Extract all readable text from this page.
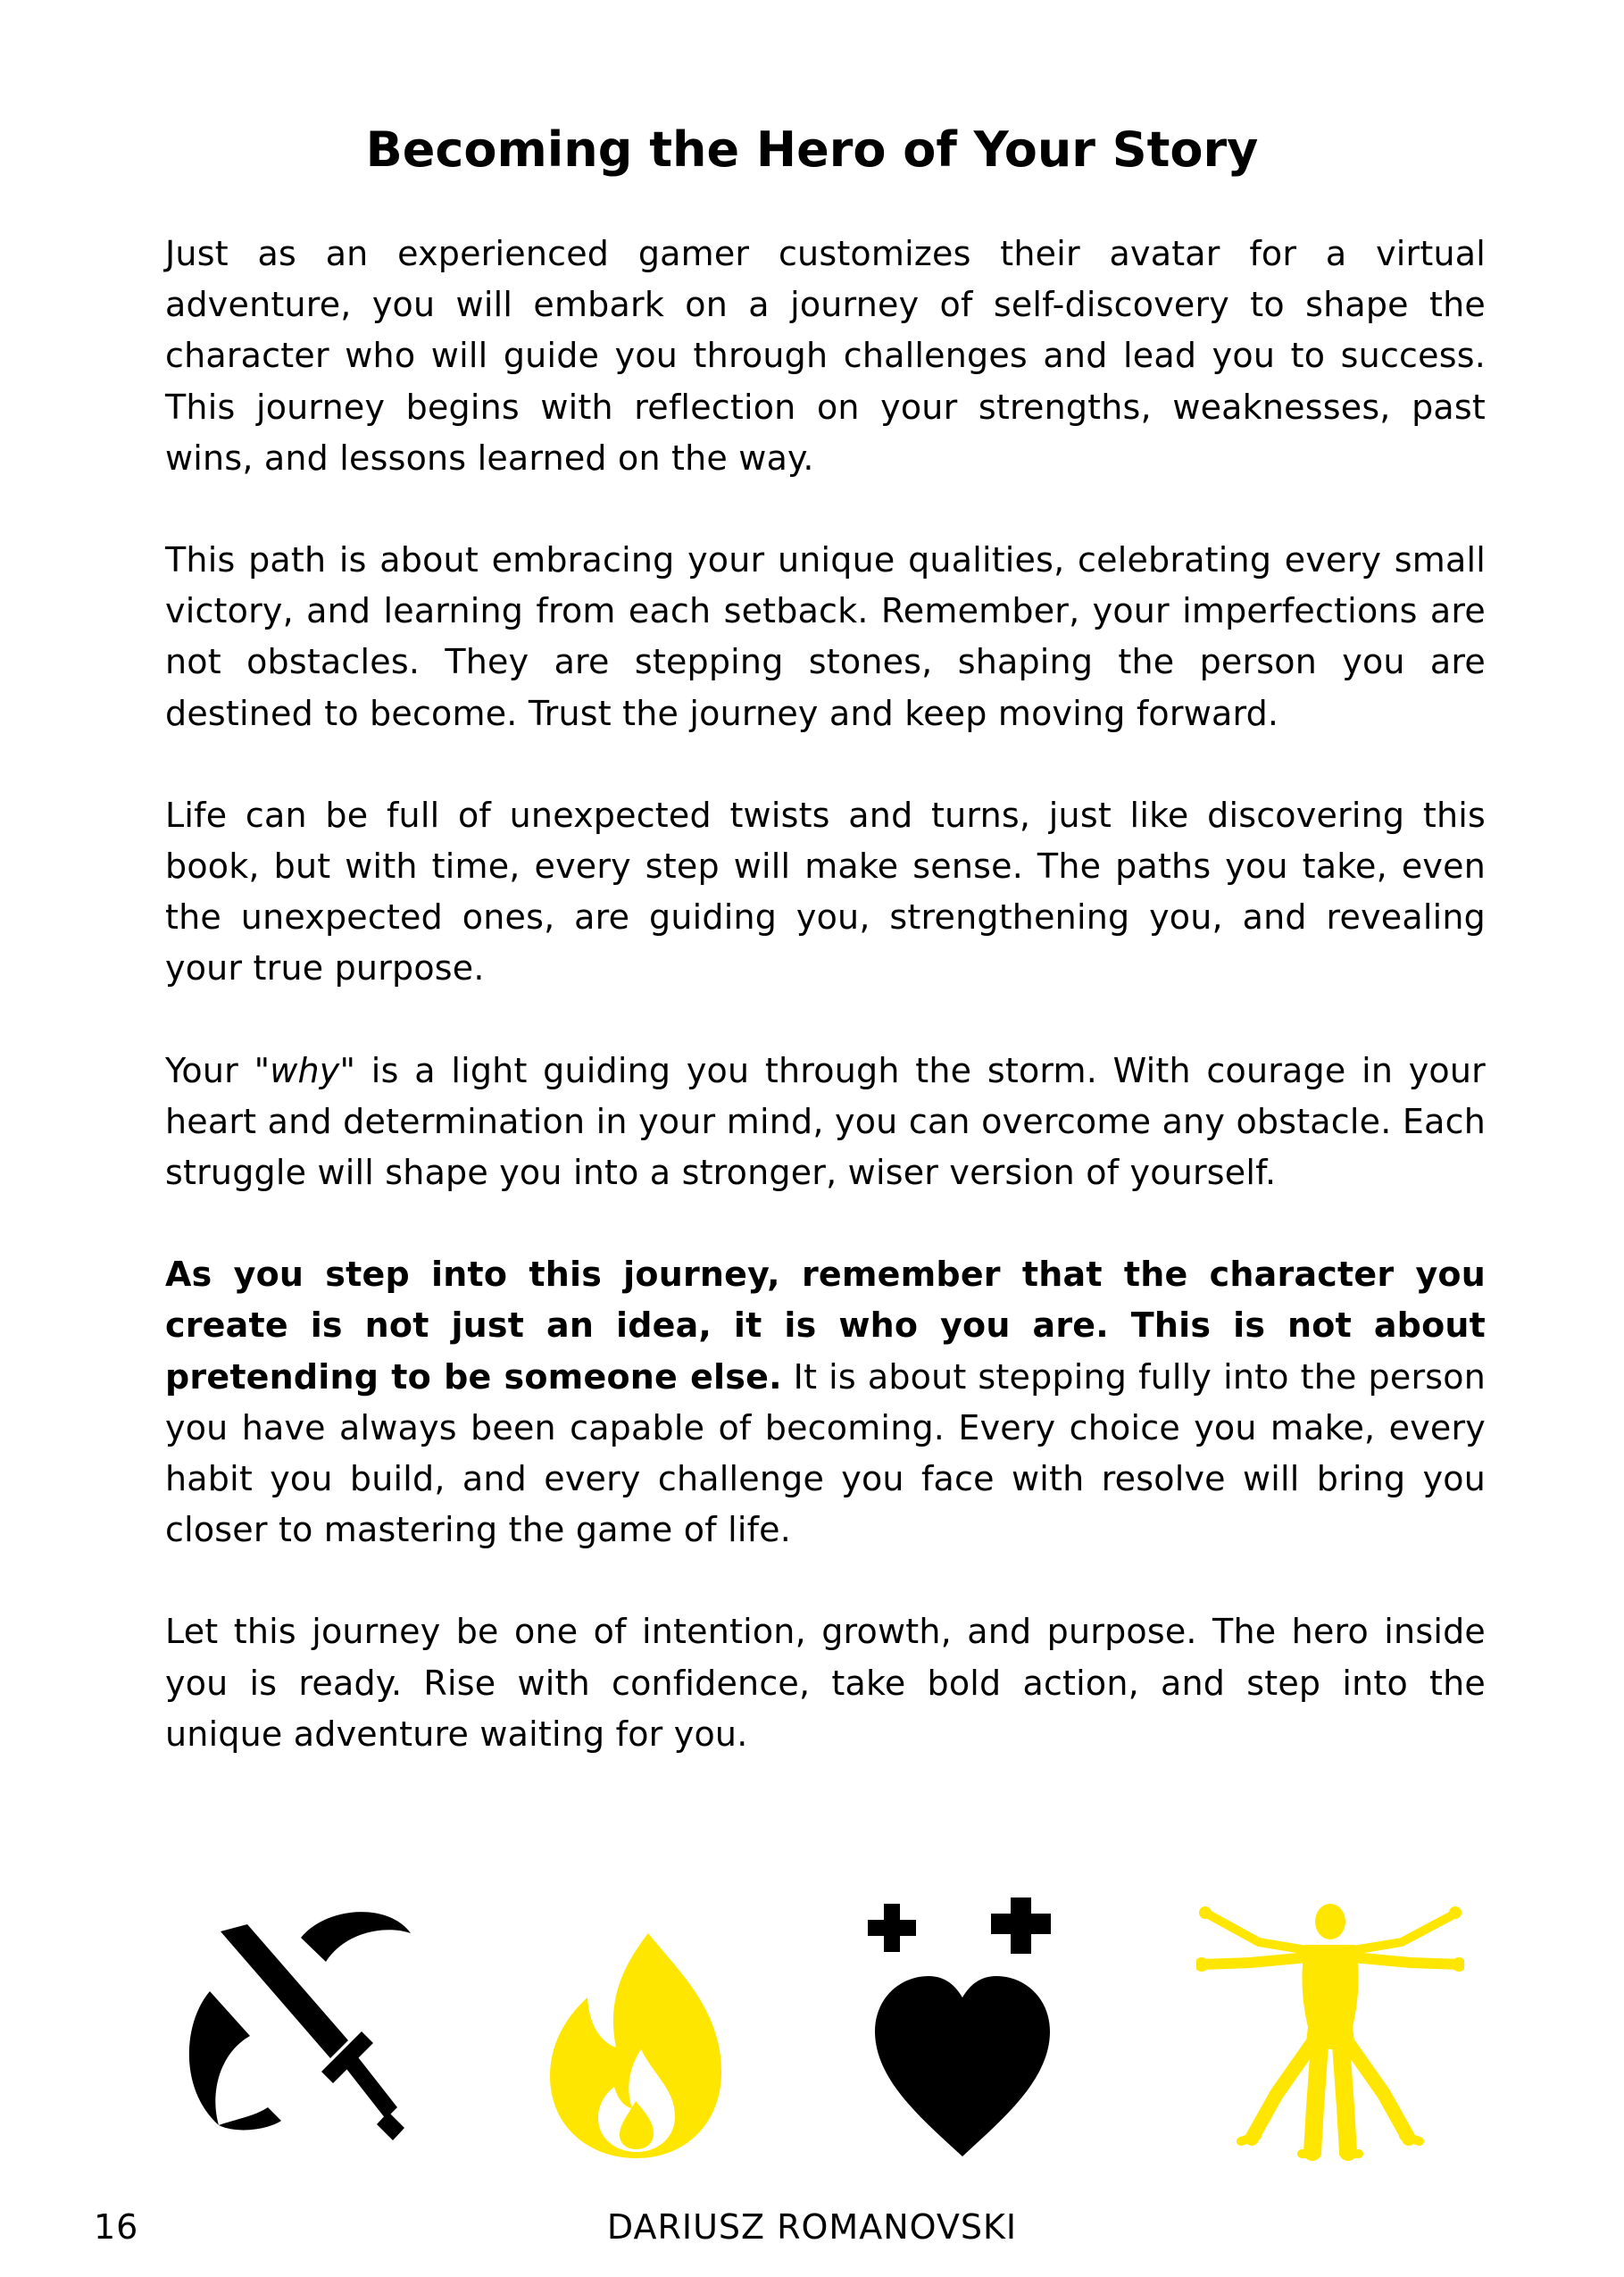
Becoming the Hero of Your Story

Just as an experienced gamer customizes their avatar for a virtual adventure, you will embark on a journey of self-discovery to shape the character who will guide you through challenges and lead you to success. This journey begins with reflection on your strengths, weaknesses, past wins, and lessons learned on the way.

This path is about embracing your unique qualities, celebrating every small victory, and learning from each setback. Remember, your imperfections are not obstacles. They are stepping stones, shaping the person you are destined to become. Trust the journey and keep moving forward.

Life can be full of unexpected twists and turns, just like discovering this book, but with time, every step will make sense. The paths you take, even the unexpected ones, are guiding you, strengthening you, and revealing your true purpose.

Your "why" is a light guiding you through the storm. With courage in your heart and determination in your mind, you can overcome any obstacle. Each struggle will shape you into a stronger, wiser version of yourself.

As you step into this journey, remember that the character you create is not just an idea, it is who you are. This is not about pretending to be someone else. It is about stepping fully into the person you have always been capable of becoming. Every choice you make, every habit you build, and every challenge you face with resolve will bring you closer to mastering the game of life.

Let this journey be one of intention, growth, and purpose. The hero inside you is ready. Rise with confidence, take bold action, and step into the unique adventure waiting for you.

16	DARIUSZ ROMANOVSKI
